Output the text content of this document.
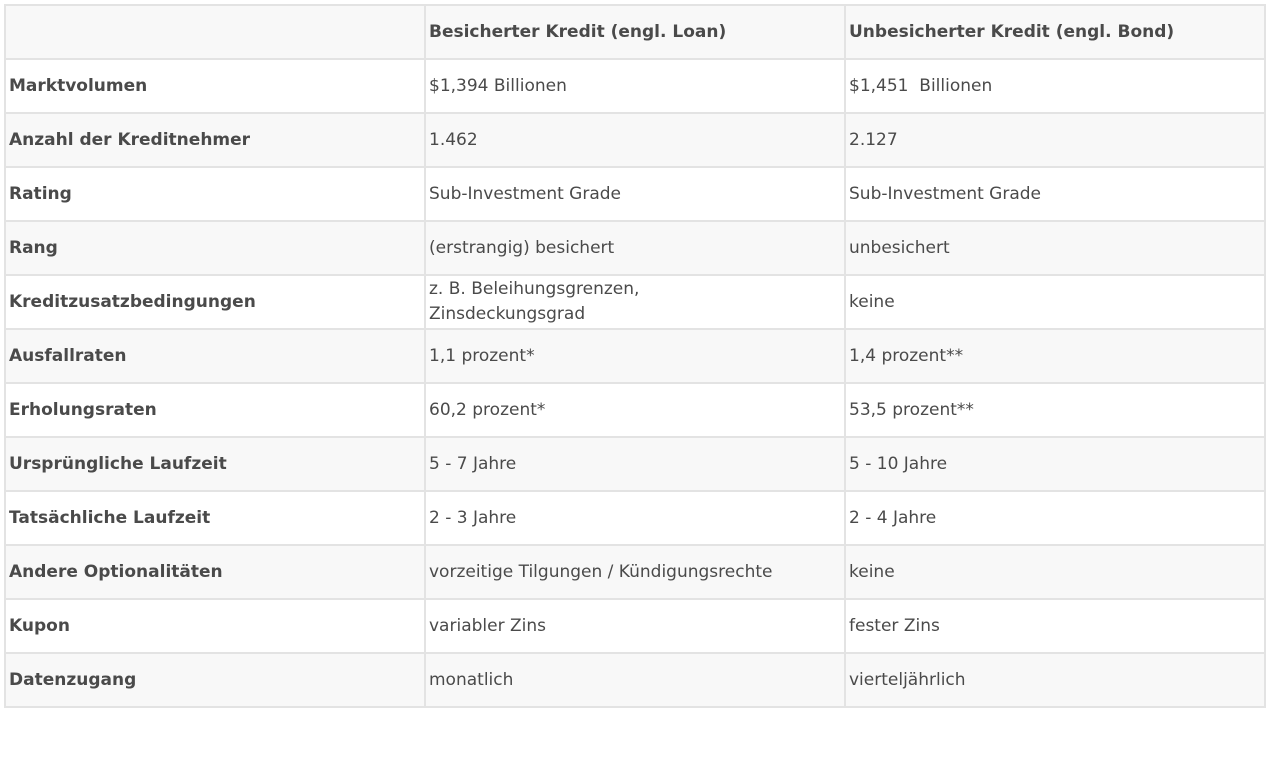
	Besicherter Kredit (engl. Loan)	Unbesicherter Kredit (engl. Bond)
Marktvolumen	$1,394 Billionen	$1,451  Billionen
Anzahl der Kreditnehmer	1.462	2.127
Rating	Sub-Investment Grade	Sub-Investment Grade
Rang	(erstrangig) besichert	unbesichert
Kreditzusatzbedingungen	z. B. Beleihungsgrenzen, Zinsdeckungsgrad	keine
Ausfallraten	1,1 prozent*	1,4 prozent**
Erholungsraten	60,2 prozent*	53,5 prozent**
Ursprüngliche Laufzeit	5 - 7 Jahre	5 - 10 Jahre
Tatsächliche Laufzeit	2 - 3 Jahre	2 - 4 Jahre
Andere Optionalitäten	vorzeitige Tilgungen / Kündigungsrechte	keine
Kupon	variabler Zins	fester Zins
Datenzugang	monatlich	vierteljährlich
